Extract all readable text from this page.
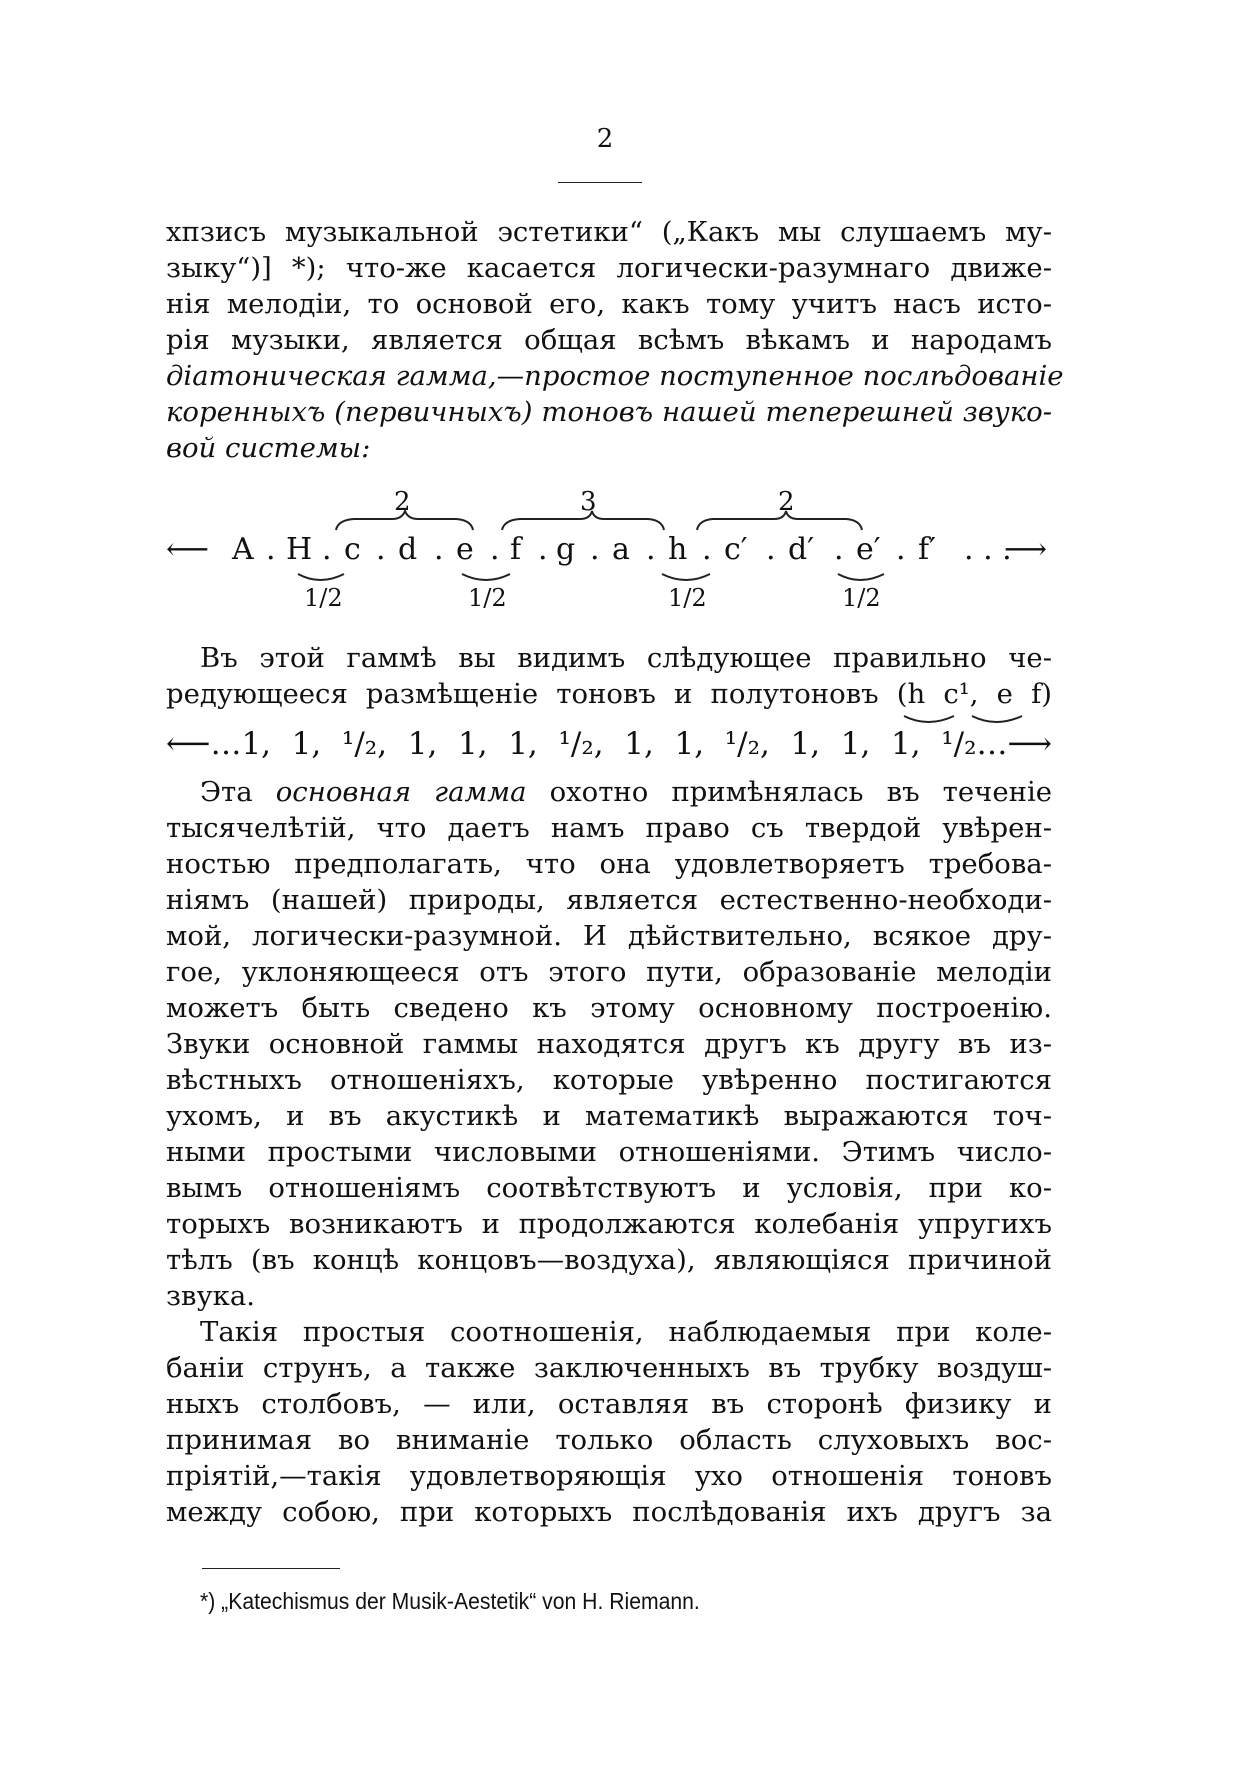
2
хпзисъ музыкальной эстетики“ („Какъ мы слушаемъ му-
зыку“)] *); что-же касается логически-разумнаго движе-
нія мелодіи, то основой его, какъ тому учитъ насъ исто-
рія музыки, является общая всѣмъ вѣкамъ и народамъ
діатоническая гамма,—простое поступенное послѣдованіе
коренныхъ (первичныхъ) тоновъ нашей теперешней звуко-
вой системы:
2	3	2
⟵ A . H . c . d . e . f . g . a . h . c′ . d′ . e′ . f′ . . .
⟶
1/2	1/2	1/2	1/2
Въ этой гаммѣ вы видимъ слѣдующее правильно че-
редующееся размѣщеніе тоновъ и полутоновъ (h c¹, e f)
⟵…1, 1, ¹/₂, 1, 1, 1, ¹/₂, 1, 1, ¹/₂, 1, 1, 1, ¹/₂…⟶
Эта основная гамма охотно примѣнялась въ теченіе
тысячелѣтій, что даетъ намъ право съ твердой увѣрен-
ностью предполагать, что она удовлетворяетъ требова-
ніямъ (нашей) природы, является естественно-необходи-
мой, логически-разумной. И дѣйствительно, всякое дру-
гое, уклоняющееся отъ этого пути, образованіе мелодіи
можетъ быть сведено къ этому основному построенію.
Звуки основной гаммы находятся другъ къ другу въ из-
вѣстныхъ отношеніяхъ, которые увѣренно постигаются
ухомъ, и въ акустикѣ и математикѣ выражаются точ-
ными простыми числовыми отношеніями. Этимъ число-
вымъ отношеніямъ соотвѣтствуютъ и условія, при ко-
торыхъ возникаютъ и продолжаются колебанія упругихъ
тѣлъ (въ концѣ концовъ—воздуха), являющіяся причиной
звука.
Такія простыя соотношенія, наблюдаемыя при коле-
баніи струнъ, а также заключенныхъ въ трубку воздуш-
ныхъ столбовъ, — или, оставляя въ сторонѣ физику и
принимая во вниманіе только область слуховыхъ вос-
пріятій,—такія удовлетворяющія ухо отношенія тоновъ
между собою, при которыхъ послѣдованія ихъ другъ за
*) „Katechismus der Musik-Aestetik“ von H. Riemann.
